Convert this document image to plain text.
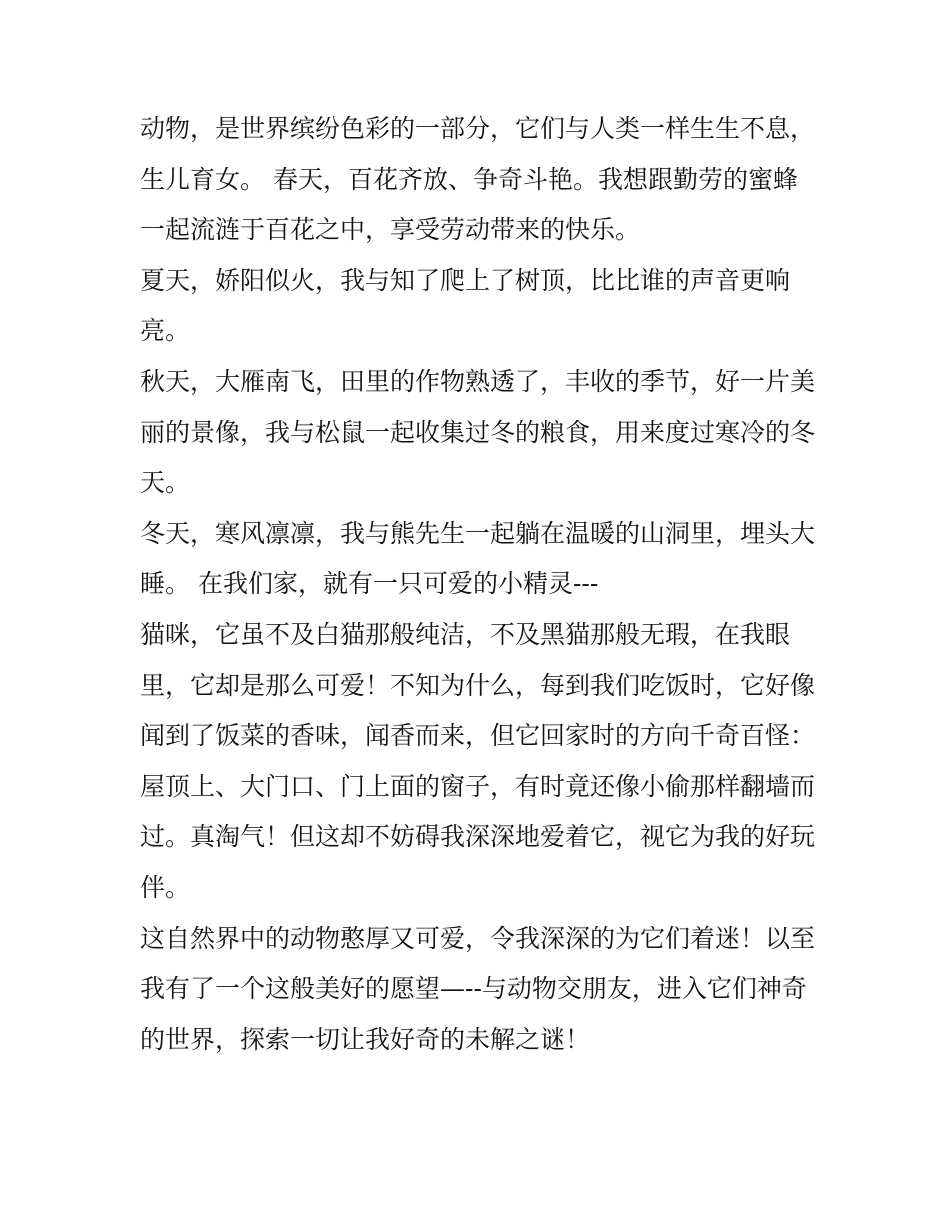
动物，是世界缤纷色彩的一部分，它们与人类一样生生不息，
生儿育女。 春天，百花齐放、争奇斗艳。我想跟勤劳的蜜蜂
一起流涟于百花之中，享受劳动带来的快乐。
夏天，娇阳似火，我与知了爬上了树顶，比比谁的声音更响
亮。
秋天，大雁南飞，田里的作物熟透了，丰收的季节，好一片美
丽的景像，我与松鼠一起收集过冬的粮食，用来度过寒冷的冬
天。
冬天，寒风凛凛，我与熊先生一起躺在温暖的山洞里，埋头大
睡。 在我们家，就有一只可爱的小精灵---
猫咪，它虽不及白猫那般纯洁，不及黑猫那般无瑕，在我眼
里，它却是那么可爱！不知为什么，每到我们吃饭时，它好像
闻到了饭菜的香味，闻香而来，但它回家时的方向千奇百怪：
屋顶上、大门口、门上面的窗子，有时竟还像小偷那样翻墙而
过。真淘气！但这却不妨碍我深深地爱着它，视它为我的好玩
伴。
这自然界中的动物憨厚又可爱，令我深深的为它们着迷！以至
我有了一个这般美好的愿望—--与动物交朋友，进入它们神奇
的世界，探索一切让我好奇的未解之谜！
